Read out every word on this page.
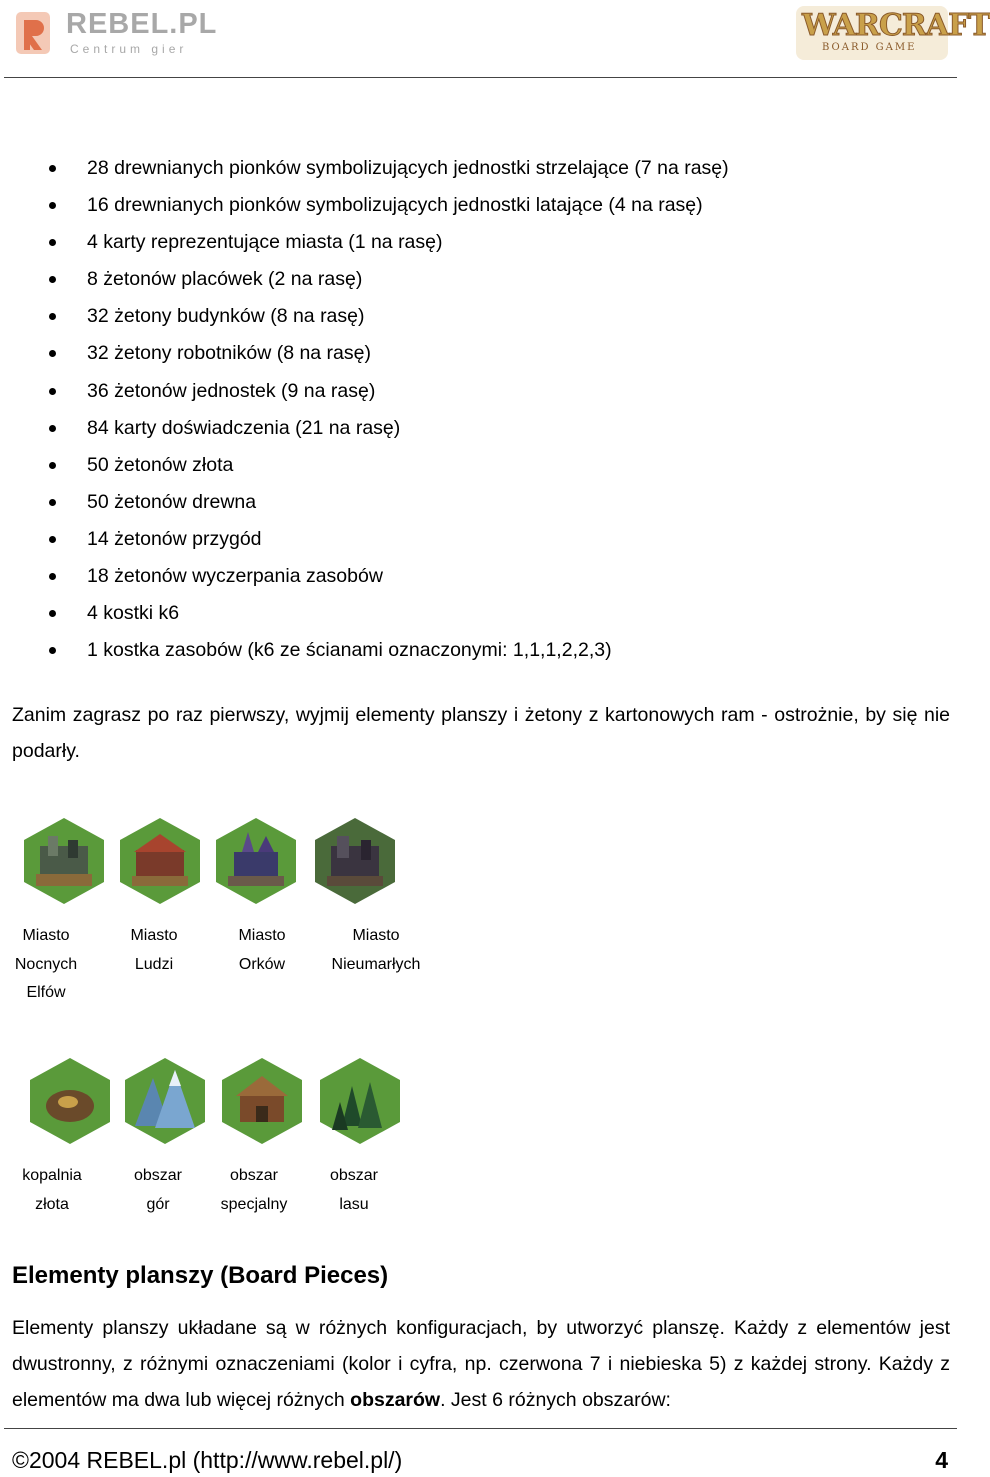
REBEL.PL
Centrum gier
WARCRAFT
BOARD GAME
28 drewnianych pionków symbolizujących jednostki strzelające (7 na rasę)
16 drewnianych pionków symbolizujących jednostki latające (4 na rasę)
4 karty reprezentujące miasta (1 na rasę)
8 żetonów placówek (2 na rasę)
32 żetony budynków (8 na rasę)
32 żetony robotników (8 na rasę)
36 żetonów jednostek (9 na rasę)
84 karty doświadczenia (21 na rasę)
50 żetonów złota
50 żetonów drewna
14 żetonów przygód
18 żetonów wyczerpania zasobów
4 kostki k6
1 kostka zasobów (k6 ze ścianami oznaczonymi: 1,1,1,2,2,3)
Zanim zagrasz po raz pierwszy, wyjmij elementy planszy i żetony z kartonowych ram - ostrożnie, by się nie podarły.
Miasto
Nocnych
Elfów
Miasto
Ludzi
Miasto
Orków
Miasto
Nieumarłych
kopalnia
złota
obszar
gór
obszar
specjalny
obszar
lasu
Elementy planszy (Board Pieces)
Elementy planszy układane są w różnych konfiguracjach, by utworzyć planszę. Każdy z elementów jest dwustronny, z różnymi oznaczeniami (kolor i cyfra, np. czerwona 7 i niebieska 5) z każdej strony. Każdy z elementów ma dwa lub więcej różnych obszarów. Jest 6 różnych obszarów:
©2004 REBEL.pl (http://www.rebel.pl/)	4
